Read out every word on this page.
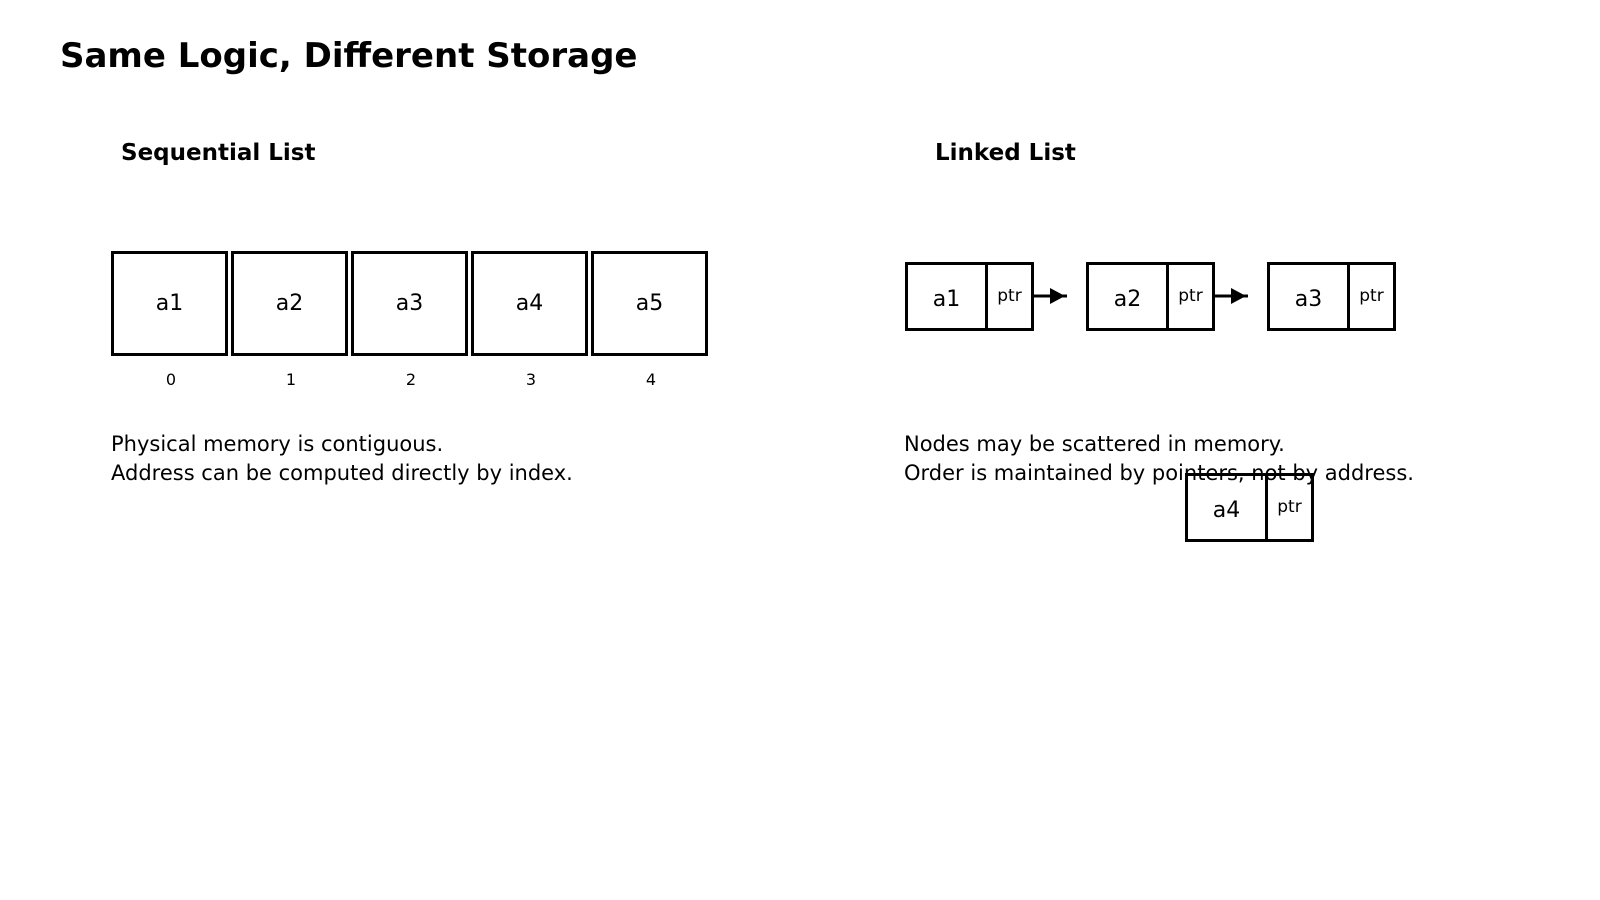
Same Logic, Different Storage
Sequential List
a1	a2	a3	a4	a5
0	1	2	3	4
Physical memory is contiguous.
Address can be computed directly by index.
Linked List
a1	ptr	a2	ptr	a3	ptr
Nodes may be scattered in memory.
Order is maintained by pointers, not by address.
a4	ptr
